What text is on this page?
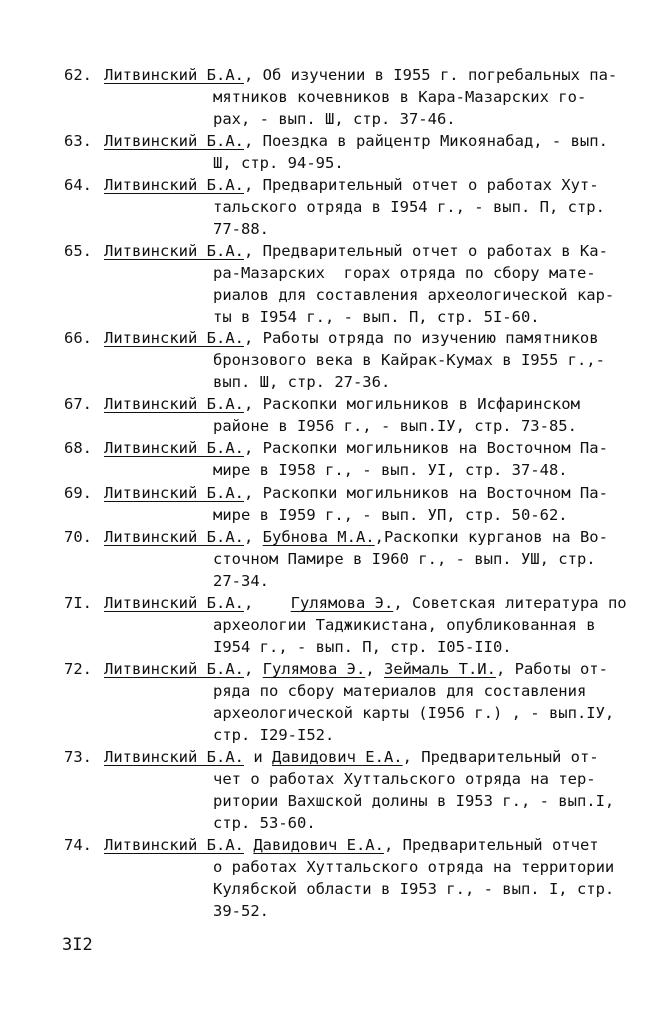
62. Литвинский Б.А., Об изучении в I955 г. погребальных па-
мятников кочевников в Кара-Мазарских го-
рах, - вып. Ш, стр. 37-46.
63. Литвинский Б.А., Поездка в райцентр Микоянабад, - вып.
Ш, стр. 94-95.
64. Литвинский Б.А., Предварительный отчет о работах Хут-
тальского отряда в I954 г., - вып. П, стр.
77-88.
65. Литвинский Б.А., Предварительный отчет о работах в Ка-
ра-Мазарских  горах отряда по сбору мате-
риалов для составления археологической кар-
ты в I954 г., - вып. П, стр. 5I-60.
66. Литвинский Б.А., Работы отряда по изучению памятников
бронзового века в Кайрак-Кумах в I955 г.,-
вып. Ш, стр. 27-36.
67. Литвинский Б.А., Раскопки могильников в Исфаринском
районе в I956 г., - вып.IУ, стр. 73-85.
68. Литвинский Б.А., Раскопки могильников на Восточном Па-
мире в I958 г., - вып. УI, стр. 37-48.
69. Литвинский Б.А., Раскопки могильников на Восточном Па-
мире в I959 г., - вып. УП, стр. 50-62.
70. Литвинский Б.А., Бубнова М.А.,Раскопки курганов на Во-
сточном Памире в I960 г., - вып. УШ, стр.
27-34.
7I. Литвинский Б.А.,    Гулямова Э., Советская литература по
археологии Таджикистана, опубликованная в
I954 г., - вып. П, стр. I05-II0.
72. Литвинский Б.А., Гулямова Э., Зеймаль Т.И., Работы от-
ряда по сбору материалов для составления
археологической карты (I956 г.) , - вып.IУ,
стр. I29-I52.
73. Литвинский Б.А. и Давидович Е.А., Предварительный от-
чет о работах Хуттальского отряда на тер-
ритории Вахшской долины в I953 г., - вып.I,
стр. 53-60.
74. Литвинский Б.А. Давидович Е.А., Предварительный отчет
о работах Хуттальского отряда на территории
Кулябской области в I953 г., - вып. I, стр.
39-52.
3I2
